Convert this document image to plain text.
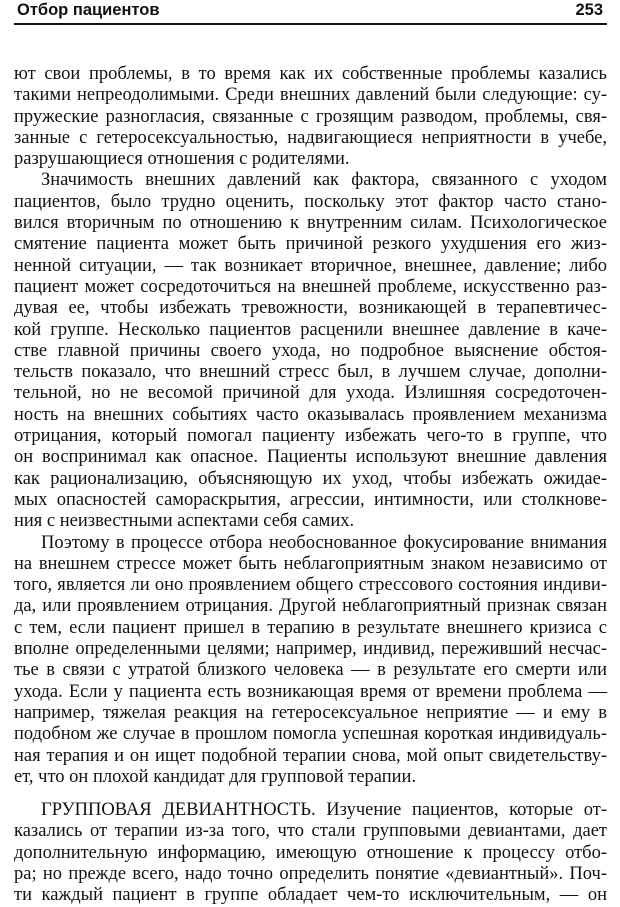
Отбор пациентов	253
ют свои проблемы, в то время как их собственные проблемы казались
такими непреодолимыми. Среди внешних давлений были следующие: су-
пружеские разногласия, связанные с грозящим разводом, проблемы, свя-
занные с гетеросексуальностью, надвигающиеся неприятности в учебе,
разрушающиеся отношения с родителями.
Значимость внешних давлений как фактора, связанного с уходом
пациентов, было трудно оценить, поскольку этот фактор часто стано-
вился вторичным по отношению к внутренним силам. Психологическое
смятение пациента может быть причиной резкого ухудшения его жиз-
ненной ситуации, — так возникает вторичное, внешнее, давление; либо
пациент может сосредоточиться на внешней проблеме, искусственно раз-
дувая ее, чтобы избежать тревожности, возникающей в терапевтичес-
кой группе. Несколько пациентов расценили внешнее давление в каче-
стве главной причины своего ухода, но подробное выяснение обстоя-
тельств показало, что внешний стресс был, в лучшем случае, дополни-
тельной, но не весомой причиной для ухода. Излишняя сосредоточен-
ность на внешних событиях часто оказывалась проявлением механизма
отрицания, который помогал пациенту избежать чего-то в группе, что
он воспринимал как опасное. Пациенты используют внешние давления
как рационализацию, объясняющую их уход, чтобы избежать ожидае-
мых опасностей самораскрытия, агрессии, интимности, или столкнове-
ния с неизвестными аспектами себя самих.
Поэтому в процессе отбора необоснованное фокусирование внимания
на внешнем стрессе может быть неблагоприятным знаком независимо от
того, является ли оно проявлением общего стрессового состояния индиви-
да, или проявлением отрицания. Другой неблагоприятный признак связан
с тем, если пациент пришел в терапию в результате внешнего кризиса с
вполне определенными целями; например, индивид, переживший несчас-
тье в связи с утратой близкого человека — в результате его смерти или
ухода. Если у пациента есть возникающая время от времени проблема —
например, тяжелая реакция на гетеросексуальное неприятие — и ему в
подобном же случае в прошлом помогла успешная короткая индивидуаль-
ная терапия и он ищет подобной терапии снова, мой опыт свидетельству-
ет, что он плохой кандидат для групповой терапии.
ГРУППОВАЯ ДЕВИАНТНОСТЬ. Изучение пациентов, которые от-
казались от терапии из-за того, что стали групповыми девиантами, дает
дополнительную информацию, имеющую отношение к процессу отбо-
ра; но прежде всего, надо точно определить понятие «девиантный». Поч-
ти каждый пациент в группе обладает чем-то исключительным, — он
